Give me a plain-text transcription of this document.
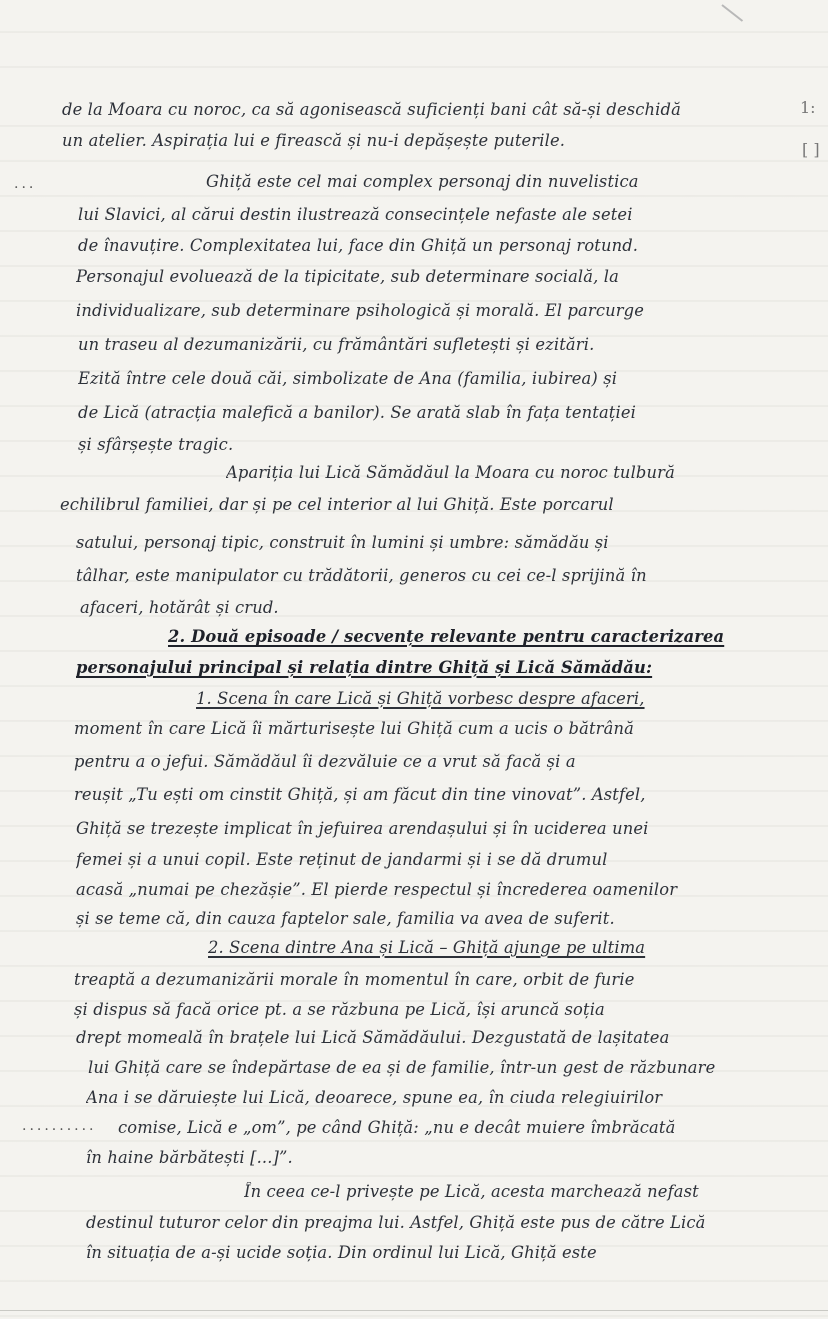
1:
[ ]
...
..........
de la Moara cu noroc, ca să agonisească suficienți bani cât să-și deschidă
un atelier. Aspirația lui e firească și nu-i depășește puterile.
Ghiță este cel mai complex personaj din nuvelistica
lui Slavici, al cărui destin ilustrează consecințele nefaste ale setei
de înavuțire. Complexitatea lui, face din Ghiță un personaj rotund.
Personajul evoluează de la tipicitate, sub determinare socială, la
individualizare, sub determinare psihologică și morală. El parcurge
un traseu al dezumanizării, cu frământări sufletești și ezitări.
Ezită între cele două căi, simbolizate de Ana (familia, iubirea) și
de Lică (atracția malefică a banilor). Se arată slab în fața tentației
și sfârșește tragic.
Apariția lui Lică Sămădăul la Moara cu noroc tulbură
echilibrul familiei, dar și pe cel interior al lui Ghiță. Este porcarul
satului, personaj tipic, construit în lumini și umbre: sămădău și
tâlhar, este manipulator cu trădătorii, generos cu cei ce-l sprijină în
afaceri, hotărât și crud.
2. Două episoade / secvențe relevante pentru caracterizarea
personajului principal și relația dintre Ghiță și Lică Sămădău:
1. Scena în care Lică și Ghiță vorbesc despre afaceri,
moment în care Lică îi mărturisește lui Ghiță cum a ucis o bătrână
pentru a o jefui. Sămădăul îi dezvăluie ce a vrut să facă și a
reușit „Tu ești om cinstit Ghiță, și am făcut din tine vinovat”. Astfel,
Ghiță se trezește implicat în jefuirea arendașului și în uciderea unei
femei și a unui copil. Este reținut de jandarmi și i se dă drumul
acasă „numai pe chezășie”. El pierde respectul și încrederea oamenilor
și se teme că, din cauza faptelor sale, familia va avea de suferit.
2. Scena dintre Ana și Lică – Ghiță ajunge pe ultima
treaptă a dezumanizării morale în momentul în care, orbit de furie
și dispus să facă orice pt. a se răzbuna pe Lică, își aruncă soția
drept momeală în brațele lui Lică Sămădăului. Dezgustată de lașitatea
lui Ghiță care se îndepărtase de ea și de familie, într-un gest de răzbunare
Ana i se dăruiește lui Lică, deoarece, spune ea, în ciuda relegiuirilor
comise, Lică e „om”, pe când Ghiță: „nu e decât muiere îmbrăcată
în haine bărbătești [...]”.
În ceea ce-l privește pe Lică, acesta marchează nefast
destinul tuturor celor din preajma lui. Astfel, Ghiță este pus de către Lică
în situația de a-și ucide soția. Din ordinul lui Lică, Ghiță este
